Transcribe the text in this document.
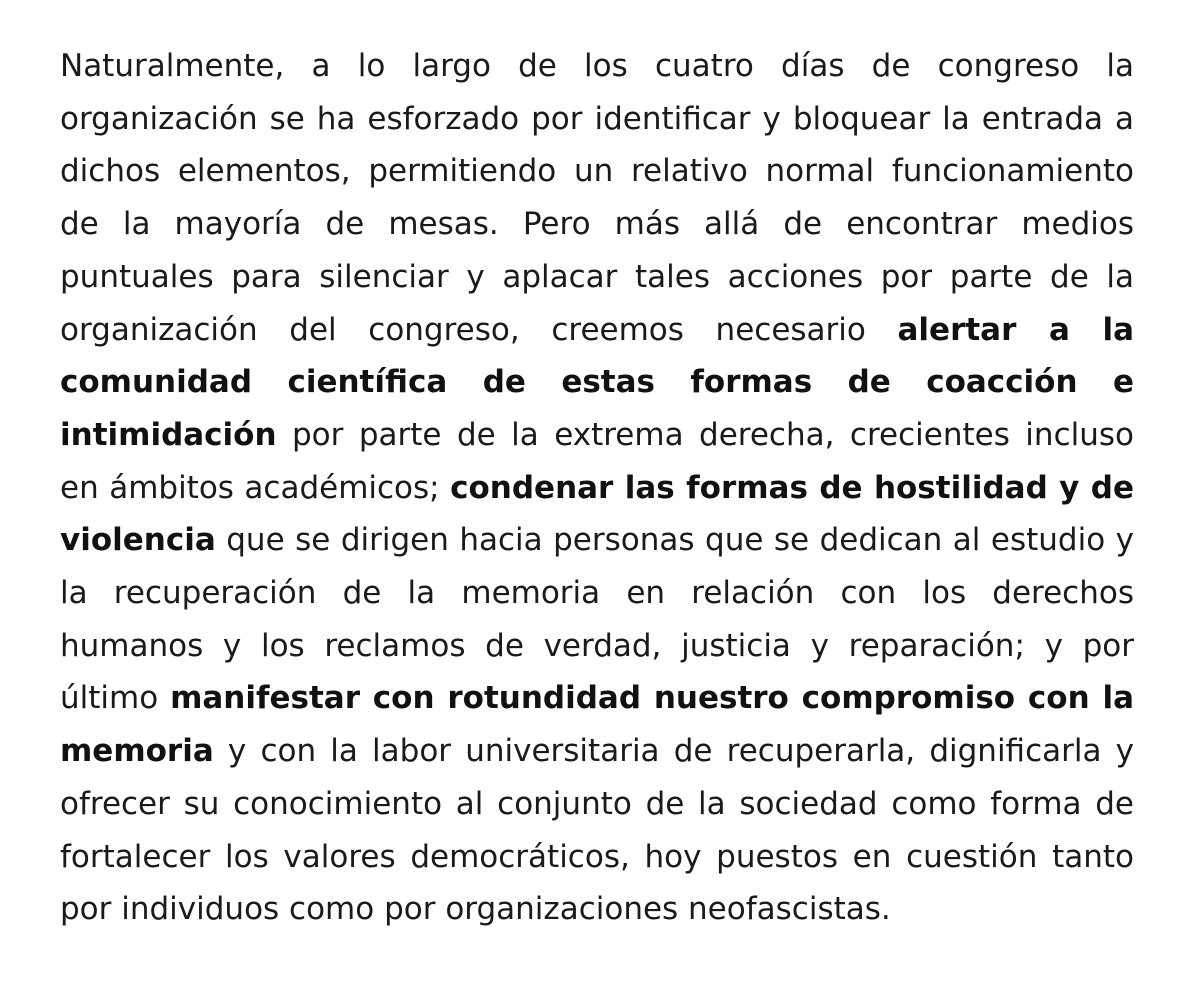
Naturalmente, a lo largo de los cuatro días de congreso la organización se ha esforzado por identificar y bloquear la entrada a dichos elementos, permitiendo un relativo normal funcionamiento de la mayoría de mesas. Pero más allá de encontrar medios puntuales para silenciar y aplacar tales acciones por parte de la organización del congreso, creemos necesario alertar a la comunidad científica de estas formas de coacción e intimidación por parte de la extrema derecha, crecientes incluso en ámbitos académicos; condenar las formas de hostilidad y de violencia que se dirigen hacia personas que se dedican al estudio y la recuperación de la memoria en relación con los derechos humanos y los reclamos de verdad, justicia y reparación; y por último manifestar con rotundidad nuestro compromiso con la memoria y con la labor universitaria de recuperarla, dignificarla y ofrecer su conocimiento al conjunto de la sociedad como forma de fortalecer los valores democráticos, hoy puestos en cuestión tanto por individuos como por organizaciones neofascistas.
